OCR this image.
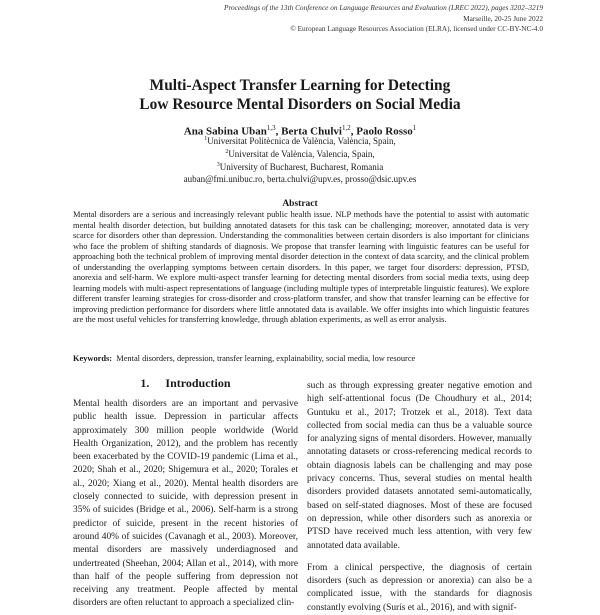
Proceedings of the 13th Conference on Language Resources and Evaluation (LREC 2022), pages 3202–3219
Marseille, 20-25 June 2022
© European Language Resources Association (ELRA), licensed under CC-BY-NC-4.0
Multi-Aspect Transfer Learning for Detecting
Low Resource Mental Disorders on Social Media
Ana Sabina Uban$^{1,3}$, Berta Chulvi$^{1,2}$, Paolo Rosso$^1$
$^1$Universitat Politècnica de València, València, Spain,
$^2$Universitat de València, Valencia, Spain,
$^3$University of Bucharest, Bucharest, Romania
auban@fmi.unibuc.ro, berta.chulvi@upv.es, prosso@dsic.upv.es
Abstract
Mental disorders are a serious and increasingly relevant public health issue. NLP methods have the potential to assist with automatic mental health disorder detection, but building annotated datasets for this task can be challenging; moreover, annotated data is very scarce for disorders other than depression. Understanding the commonalities between certain disorders is also important for clinicians who face the problem of shifting standards of diagnosis. We propose that transfer learning with linguistic features can be useful for approaching both the technical problem of improving mental disorder detection in the context of data scarcity, and the clinical problem of understanding the overlapping symptoms between certain disorders. In this paper, we target four disorders: depression, PTSD, anorexia and self-harm. We explore multi-aspect transfer learning for detecting mental disorders from social media texts, using deep learning models with multi-aspect representations of language (including multiple types of interpretable linguistic features). We explore different transfer learning strategies for cross-disorder and cross-platform transfer, and show that transfer learning can be effective for improving prediction performance for disorders where little annotated data is available. We offer insights into which linguistic features are the most useful vehicles for transferring knowledge, through ablation experiments, as well as error analysis.
Keywords: Mental disorders, depression, transfer learning, explainability, social media, low resource
1. Introduction

Mental health disorders are an important and pervasive public health issue. Depression in particular affects approximately 300 million people worldwide (World Health Organization, 2012), and the problem has recently been exacerbated by the COVID-19 pandemic (Lima et al., 2020; Shah et al., 2020; Shigemura et al., 2020; Torales et al., 2020; Xiang et al., 2020). Mental health disorders are closely connected to suicide, with depression present in 35% of suicides (Bridge et al., 2006). Self-harm is a strong predictor of suicide, present in the recent histories of around 40% of suicides (Cavanagh et al., 2003). Moreover, mental disorders are massively underdiagnosed and undertreated (Sheehan, 2004; Allan et al., 2014), with more than half of the people suffering from depression not receiving any treatment. People affected by mental disorders are often reluctant to approach a specialized clin-

such as through expressing greater negative emotion and high self-attentional focus (De Choudhury et al., 2014; Guntuku et al., 2017; Trotzek et al., 2018). Text data collected from social media can thus be a valuable source for analyzing signs of mental disorders. However, manually annotating datasets or cross-referencing medical records to obtain diagnosis labels can be challenging and may pose privacy concerns. Thus, several studies on mental health disorders provided datasets annotated semi-automatically, based on self-stated diagnoses. Most of these are focused on depression, while other disorders such as anorexia or PTSD have received much less attention, with very few annotated data available.

From a clinical perspective, the diagnosis of certain disorders (such as depression or anorexia) can also be a complicated issue, with the standards for diagnosis constantly evolving (Surís et al., 2016), and with signif-
